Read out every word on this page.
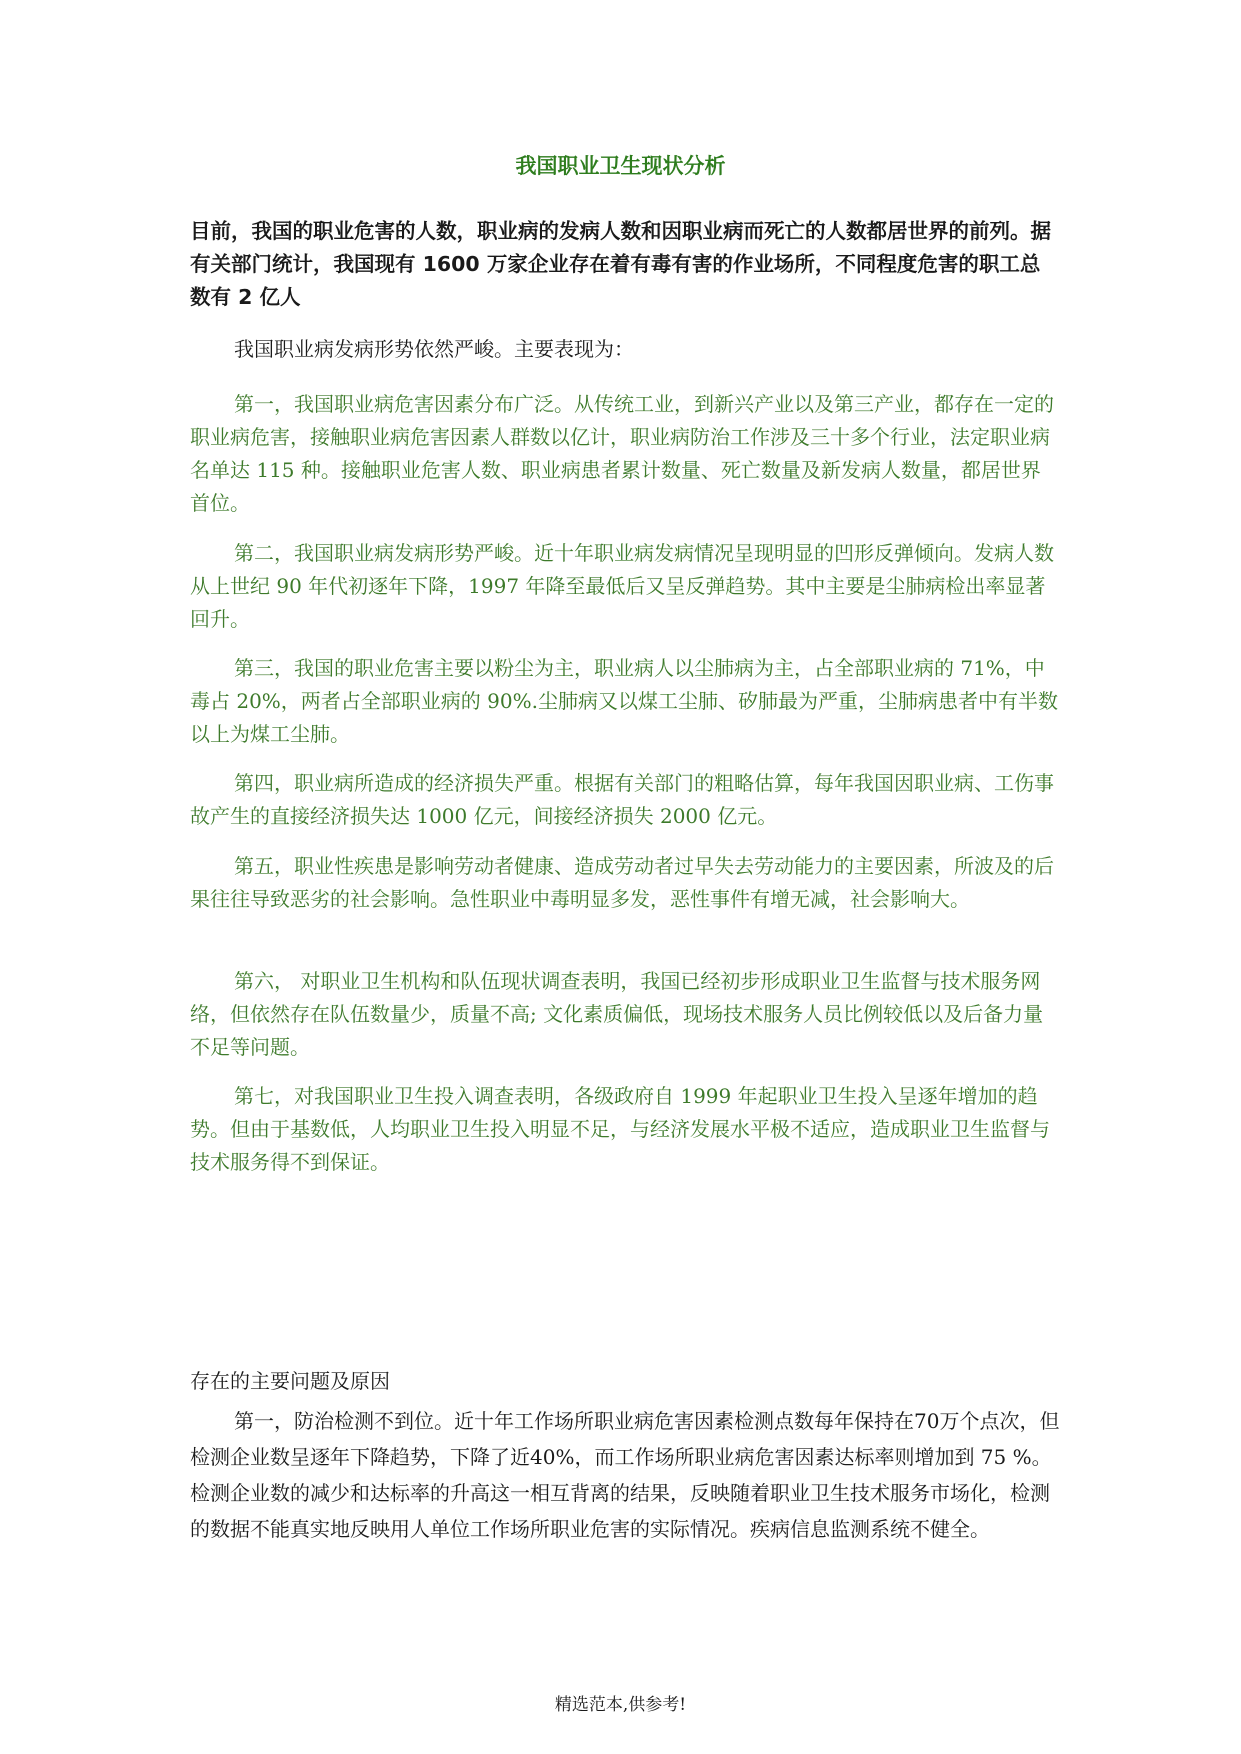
我国职业卫生现状分析
目前，我国的职业危害的人数，职业病的发病人数和因职业病而死亡的人数都居世界的前列。据有关部门统计，我国现有 1600 万家企业存在着有毒有害的作业场所，不同程度危害的职工总数有 2 亿人
我国职业病发病形势依然严峻。主要表现为：
第一，我国职业病危害因素分布广泛。从传统工业，到新兴产业以及第三产业，都存在一定的职业病危害，接触职业病危害因素人群数以亿计，职业病防治工作涉及三十多个行业，法定职业病名单达 115 种。接触职业危害人数、职业病患者累计数量、死亡数量及新发病人数量，都居世界首位。
第二，我国职业病发病形势严峻。近十年职业病发病情况呈现明显的凹形反弹倾向。发病人数从上世纪 90 年代初逐年下降，1997 年降至最低后又呈反弹趋势。其中主要是尘肺病检出率显著回升。
第三，我国的职业危害主要以粉尘为主，职业病人以尘肺病为主，占全部职业病的 71%，中毒占 20%，两者占全部职业病的 90%.尘肺病又以煤工尘肺、矽肺最为严重，尘肺病患者中有半数以上为煤工尘肺。
第四，职业病所造成的经济损失严重。根据有关部门的粗略估算，每年我国因职业病、工伤事故产生的直接经济损失达 1000 亿元，间接经济损失 2000 亿元。
第五，职业性疾患是影响劳动者健康、造成劳动者过早失去劳动能力的主要因素，所波及的后果往往导致恶劣的社会影响。急性职业中毒明显多发，恶性事件有增无减，社会影响大。
第六， 对职业卫生机构和队伍现状调查表明，我国已经初步形成职业卫生监督与技术服务网络，但依然存在队伍数量少，质量不高; 文化素质偏低，现场技术服务人员比例较低以及后备力量不足等问题。
第七，对我国职业卫生投入调查表明，各级政府自 1999 年起职业卫生投入呈逐年增加的趋势。但由于基数低，人均职业卫生投入明显不足，与经济发展水平极不适应，造成职业卫生监督与技术服务得不到保证。
存在的主要问题及原因
第一，防治检测不到位。近十年工作场所职业病危害因素检测点数每年保持在70万个点次，但检测企业数呈逐年下降趋势，下降了近40%，而工作场所职业病危害因素达标率则增加到 75 %。检测企业数的减少和达标率的升高这一相互背离的结果，反映随着职业卫生技术服务市场化，检测的数据不能真实地反映用人单位工作场所职业危害的实际情况。疾病信息监测系统不健全。
精选范本,供参考!
